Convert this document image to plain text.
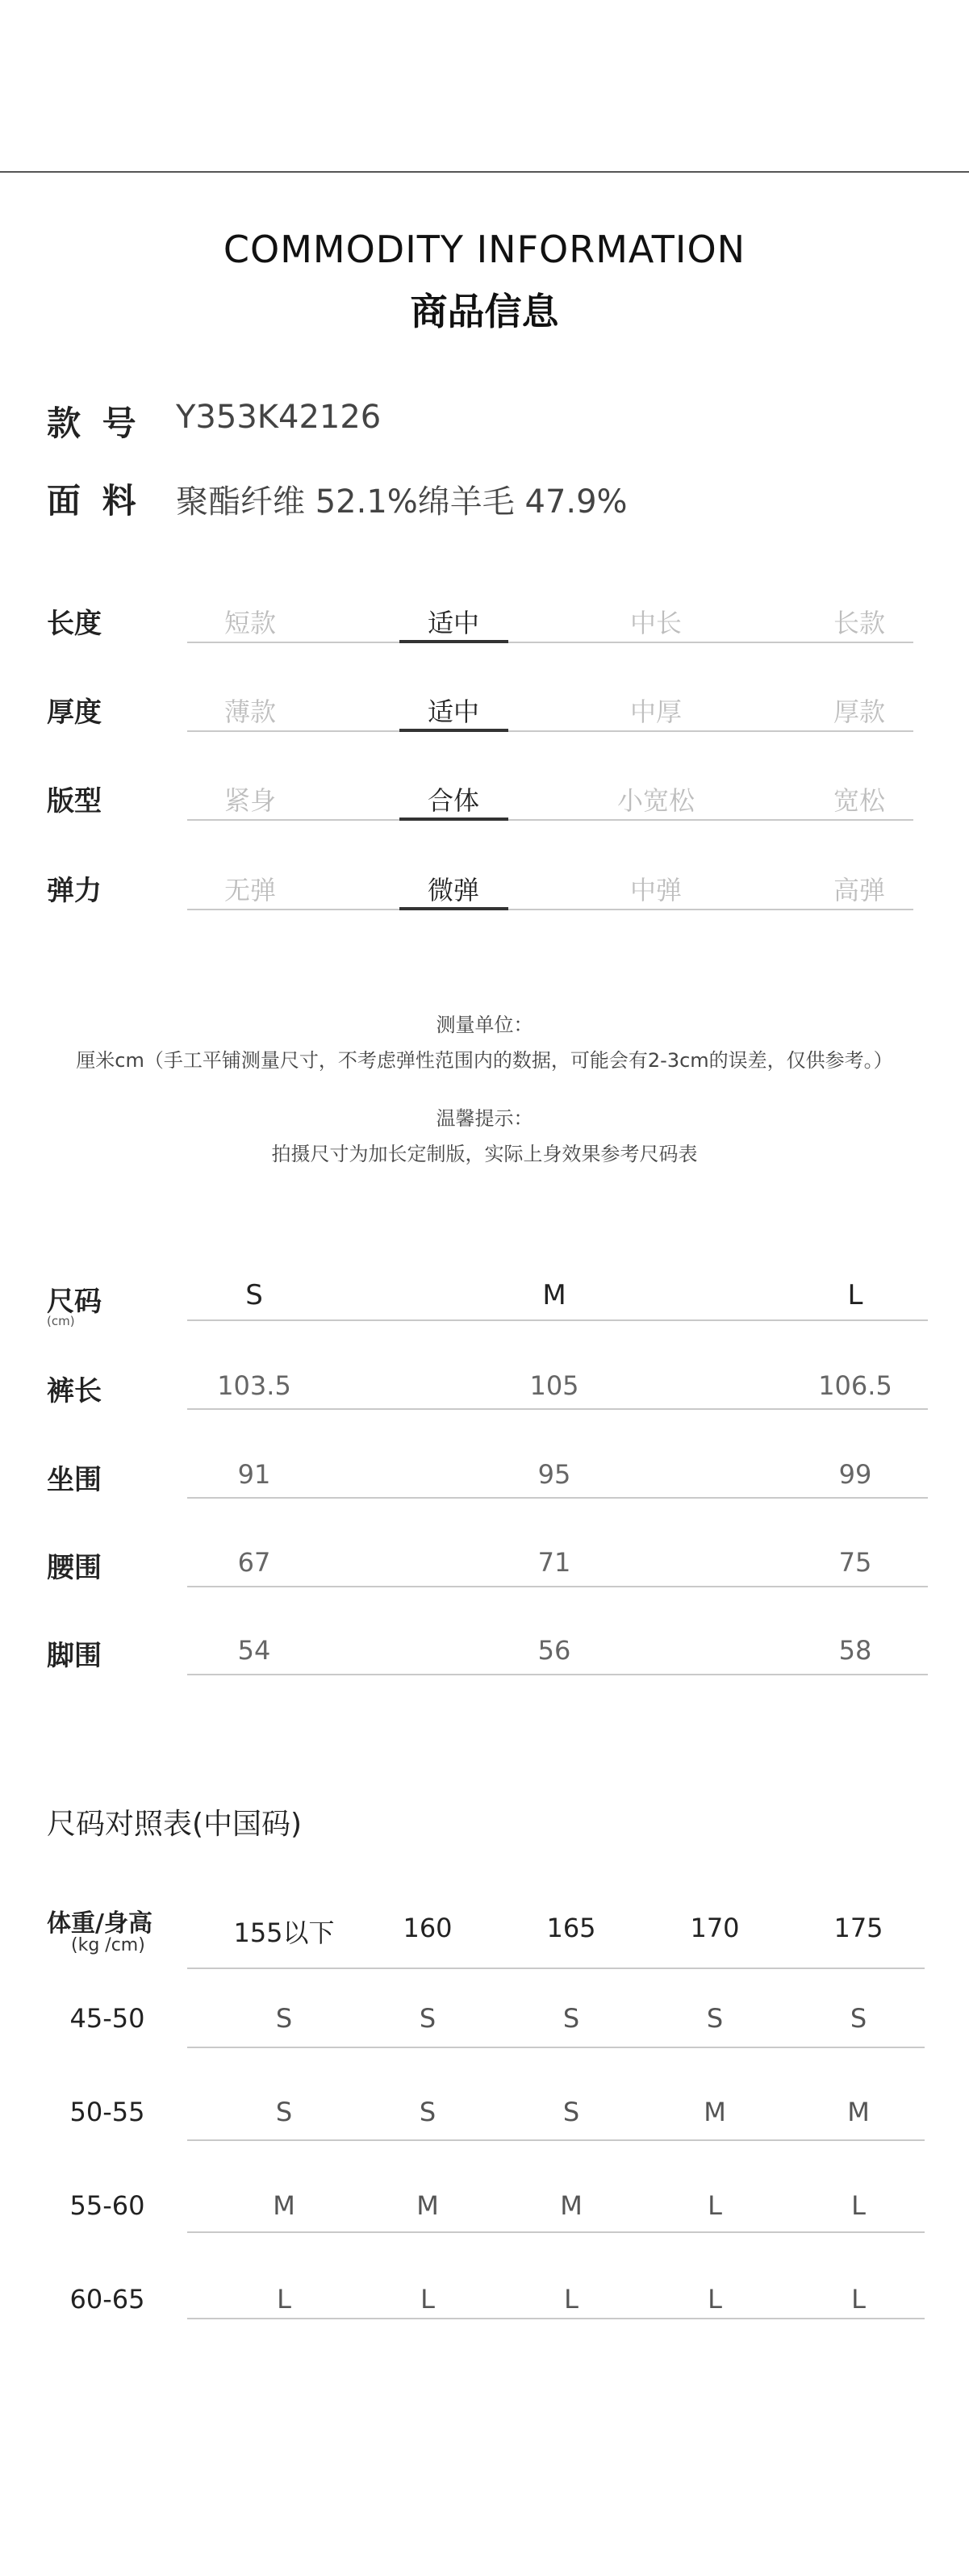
COMMODITY INFORMATION
商品信息
款 号 Y353K42126
面 料 聚酯纤维 52.1%绵羊毛 47.9%
长度	短款	适中	中长	长款
厚度	薄款	适中	中厚	厚款
版型	紧身	合体	小宽松	宽松
弹力	无弹	微弹	中弹	高弹
测量单位：
厘米cm（手工平铺测量尺寸，不考虑弹性范围内的数据，可能会有2-3cm的误差，仅供参考。）
温馨提示：
拍摄尺寸为加长定制版，实际上身效果参考尺码表
尺码
(cm)
S	M	L
裤长	103.5	105	106.5
坐围	91	95	99
腰围	67	71	75
脚围	54	56	58
尺码对照表(中国码)
体重/身高
(kg /cm)	155以下	160	165	170	175
45-50	S	S	S	S	S
50-55	S	S	S	M	M
55-60	M	M	M	L	L
60-65	L	L	L	L	L
